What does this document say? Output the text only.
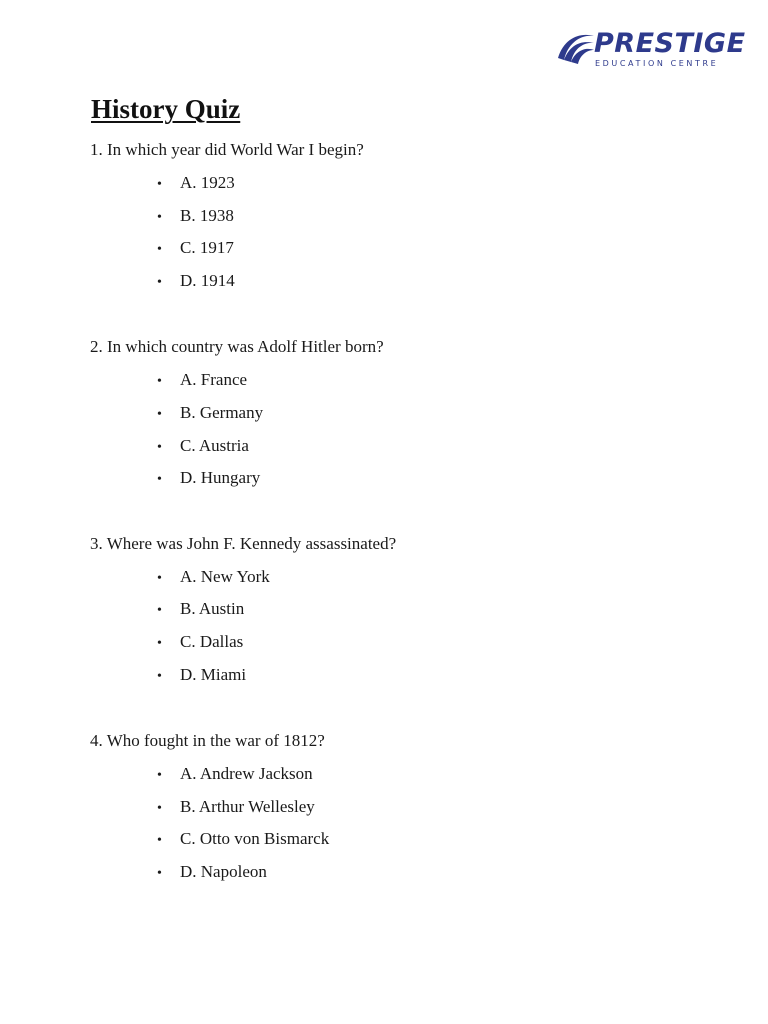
PRESTIGE
EDUCATION CENTRE
History Quiz
1. In which year did World War I begin?
• A. 1923
• B. 1938
• C. 1917
• D. 1914
2. In which country was Adolf Hitler born?
• A. France
• B. Germany
• C. Austria
• D. Hungary
3. Where was John F. Kennedy assassinated?
• A. New York
• B. Austin
• C. Dallas
• D. Miami
4. Who fought in the war of 1812?
• A. Andrew Jackson
• B. Arthur Wellesley
• C. Otto von Bismarck
• D. Napoleon
